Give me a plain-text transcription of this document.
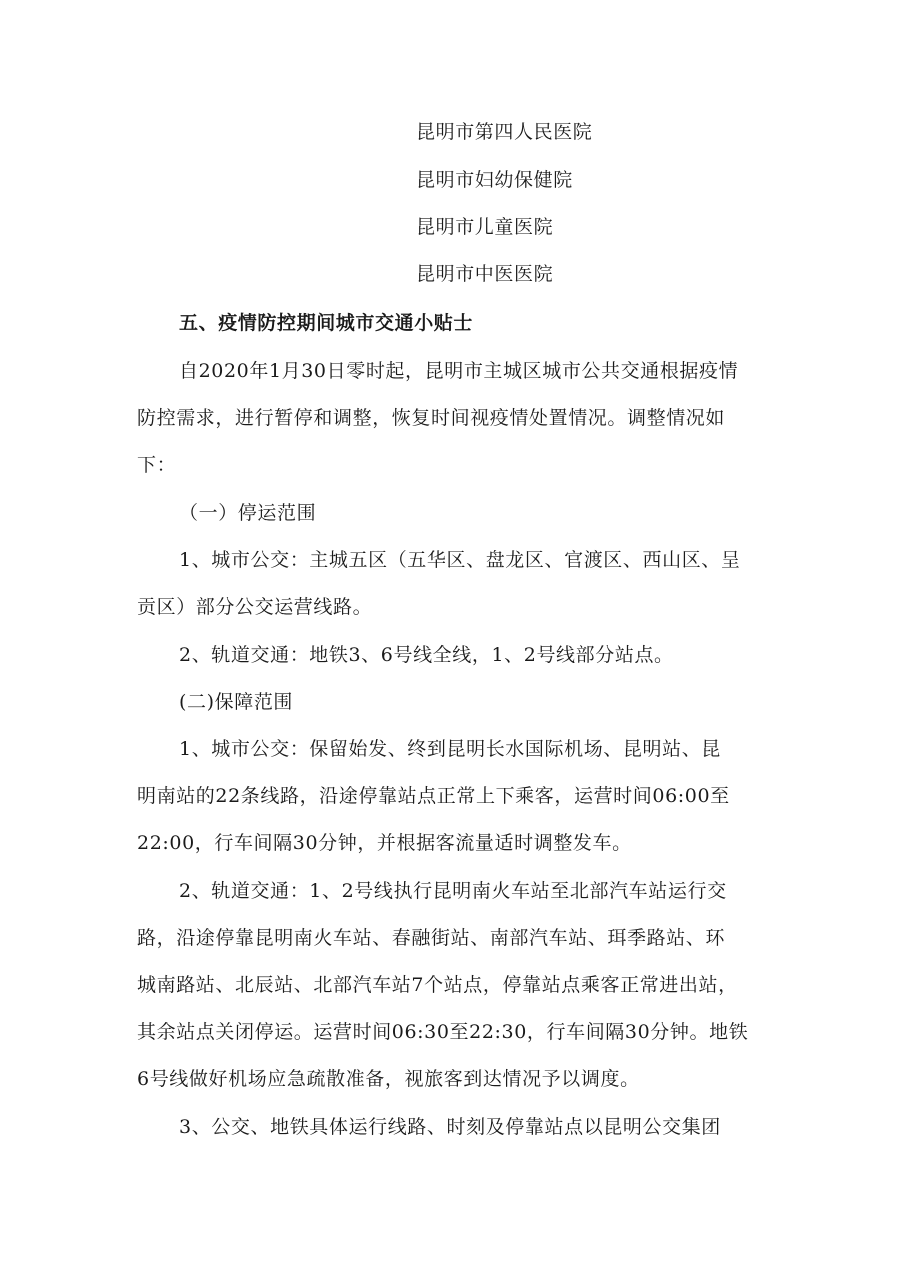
昆明市第四人民医院
昆明市妇幼保健院
昆明市儿童医院
昆明市中医医院
五、疫情防控期间城市交通小贴士
自2020年1月30日零时起，昆明市主城区城市公共交通根据疫情
防控需求，进行暂停和调整，恢复时间视疫情处置情况。调整情况如
下：
（一）停运范围
1、城市公交：主城五区（五华区、盘龙区、官渡区、西山区、呈
贡区）部分公交运营线路。
2、轨道交通：地铁3、6号线全线，1、2号线部分站点。
(二)保障范围
1、城市公交：保留始发、终到昆明长水国际机场、昆明站、昆
明南站的22条线路，沿途停靠站点正常上下乘客，运营时间06:00至
22:00，行车间隔30分钟，并根据客流量适时调整发车。
2、轨道交通：1、2号线执行昆明南火车站至北部汽车站运行交
路，沿途停靠昆明南火车站、春融街站、南部汽车站、珥季路站、环
城南路站、北辰站、北部汽车站7个站点，停靠站点乘客正常进出站，
其余站点关闭停运。运营时间06:30至22:30，行车间隔30分钟。地铁
6号线做好机场应急疏散准备，视旅客到达情况予以调度。
3、公交、地铁具体运行线路、时刻及停靠站点以昆明公交集团
